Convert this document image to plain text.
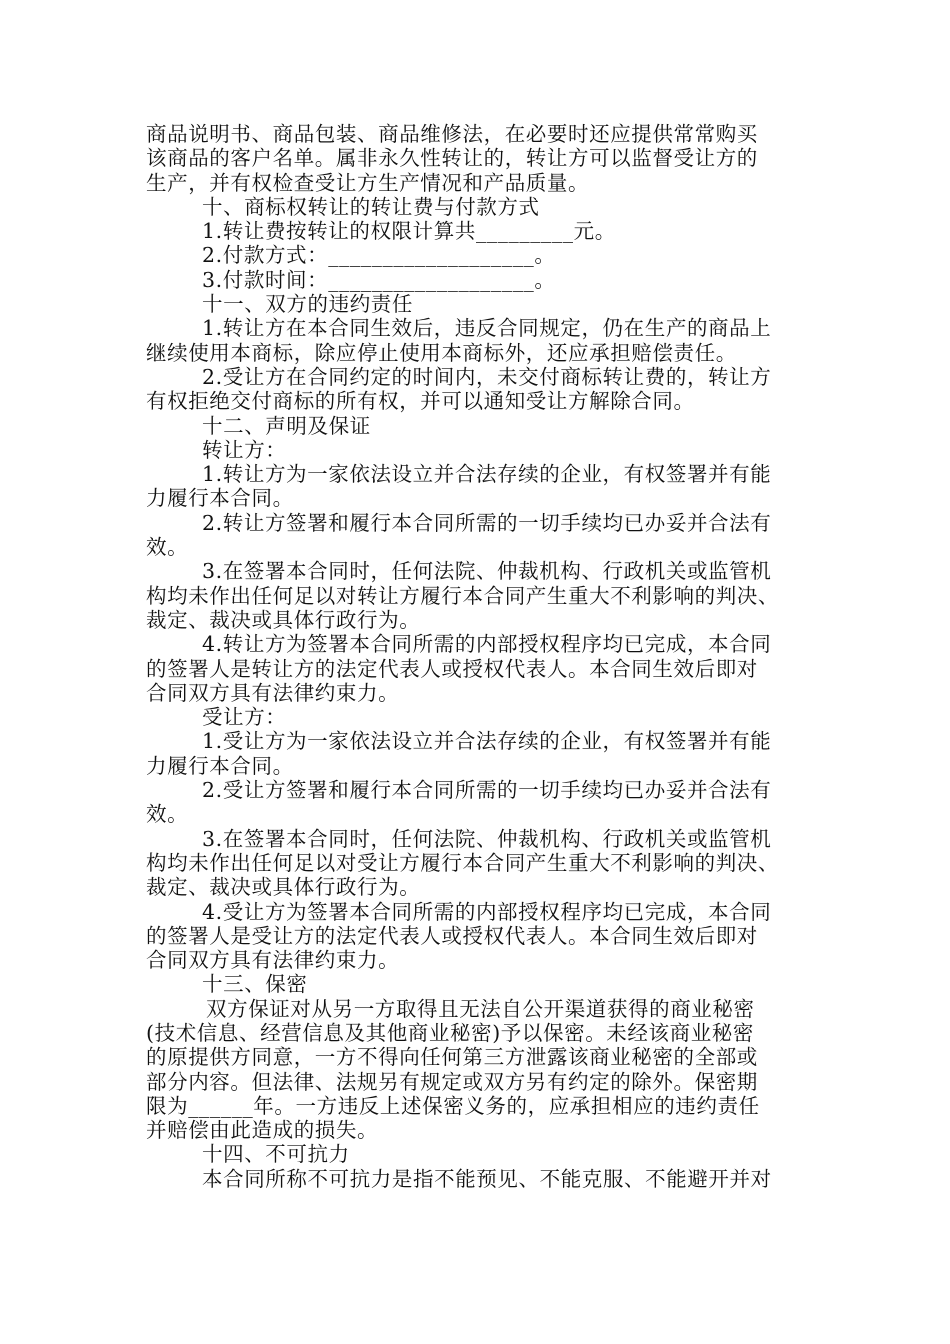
商品说明书、商品包装、商品维修法，在必要时还应提供常常购买
该商品的客户名单。属非永久性转让的，转让方可以监督受让方的
生产，并有权检查受让方生产情况和产品质量。
十、商标权转让的转让费与付款方式
1.转让费按转让的权限计算共_________元。
2.付款方式：___________________。
3.付款时间：___________________。
十一、双方的违约责任
1.转让方在本合同生效后，违反合同规定，仍在生产的商品上
继续使用本商标，除应停止使用本商标外，还应承担赔偿责任。
2.受让方在合同约定的时间内，未交付商标转让费的，转让方
有权拒绝交付商标的所有权，并可以通知受让方解除合同。
十二、声明及保证
转让方：
1.转让方为一家依法设立并合法存续的企业，有权签署并有能
力履行本合同。
2.转让方签署和履行本合同所需的一切手续均已办妥并合法有
效。
3.在签署本合同时，任何法院、仲裁机构、行政机关或监管机
构均未作出任何足以对转让方履行本合同产生重大不利影响的判决、
裁定、裁决或具体行政行为。
4.转让方为签署本合同所需的内部授权程序均已完成，本合同
的签署人是转让方的法定代表人或授权代表人。本合同生效后即对
合同双方具有法律约束力。
受让方：
1.受让方为一家依法设立并合法存续的企业，有权签署并有能
力履行本合同。
2.受让方签署和履行本合同所需的一切手续均已办妥并合法有
效。
3.在签署本合同时，任何法院、仲裁机构、行政机关或监管机
构均未作出任何足以对受让方履行本合同产生重大不利影响的判决、
裁定、裁决或具体行政行为。
4.受让方为签署本合同所需的内部授权程序均已完成，本合同
的签署人是受让方的法定代表人或授权代表人。本合同生效后即对
合同双方具有法律约束力。
十三、保密
双方保证对从另一方取得且无法自公开渠道获得的商业秘密
(技术信息、经营信息及其他商业秘密)予以保密。未经该商业秘密
的原提供方同意，一方不得向任何第三方泄露该商业秘密的全部或
部分内容。但法律、法规另有规定或双方另有约定的除外。保密期
限为______年。一方违反上述保密义务的，应承担相应的违约责任
并赔偿由此造成的损失。
十四、不可抗力
本合同所称不可抗力是指不能预见、不能克服、不能避开并对
